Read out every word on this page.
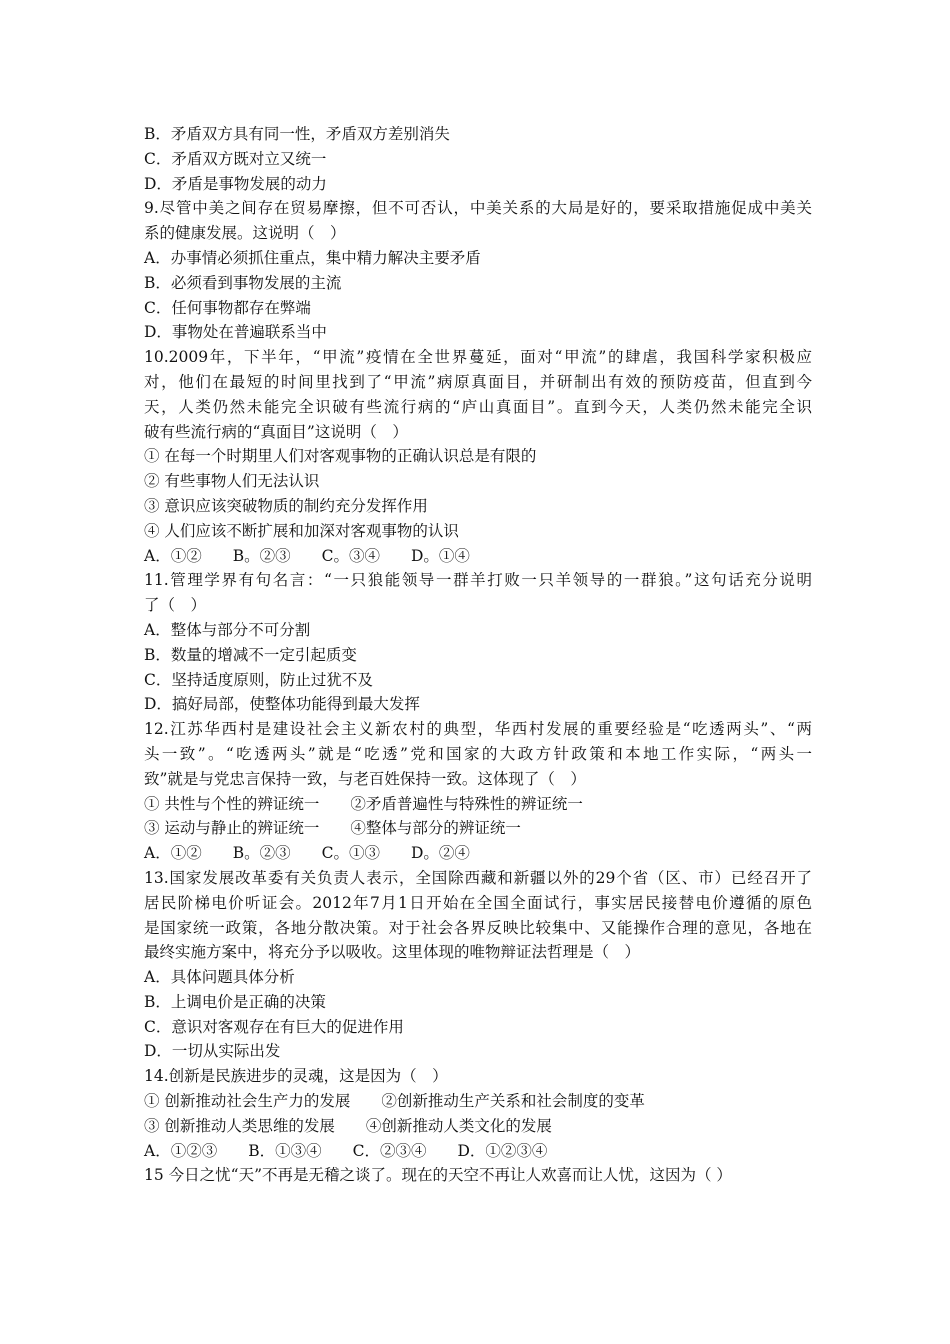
B．矛盾双方具有同一性，矛盾双方差别消失
C．矛盾双方既对立又统一
D．矛盾是事物发展的动力
9.尽管中美之间存在贸易摩擦，但不可否认，中美关系的大局是好的，要采取措施促成中美关
系的健康发展。这说明（　）
A．办事情必须抓住重点，集中精力解决主要矛盾
B．必须看到事物发展的主流
C．任何事物都存在弊端
D．事物处在普遍联系当中
10.2009年，下半年，“甲流”疫情在全世界蔓延，面对“甲流”的肆虐，我国科学家积极应
对，他们在最短的时间里找到了“甲流”病原真面目，并研制出有效的预防疫苗，但直到今
天，人类仍然未能完全识破有些流行病的“庐山真面目”。直到今天，人类仍然未能完全识
破有些流行病的“真面目”这说明（　）
① 在每一个时期里人们对客观事物的正确认识总是有限的
② 有些事物人们无法认识
③ 意识应该突破物质的制约充分发挥作用
④ 人们应该不断扩展和加深对客观事物的认识
A．①②　　B。②③　　C。③④　　D。①④
11.管理学界有句名言：“一只狼能领导一群羊打败一只羊领导的一群狼。”这句话充分说明
了（　）
A．整体与部分不可分割
B．数量的增减不一定引起质变
C．坚持适度原则，防止过犹不及
D．搞好局部，使整体功能得到最大发挥
12.江苏华西村是建设社会主义新农村的典型，华西村发展的重要经验是“吃透两头”、“两
头一致”。“吃透两头”就是“吃透”党和国家的大政方针政策和本地工作实际，“两头一
致”就是与党忠言保持一致，与老百姓保持一致。这体现了（　）
① 共性与个性的辨证统一　　②矛盾普遍性与特殊性的辨证统一
③ 运动与静止的辨证统一　　④整体与部分的辨证统一
A．①②　　B。②③　　C。①③　　D。②④
13.国家发展改革委有关负责人表示，全国除西藏和新疆以外的29个省（区、市）已经召开了
居民阶梯电价听证会。2012年7月1日开始在全国全面试行，事实居民接替电价遵循的原色
是国家统一政策，各地分散决策。对于社会各界反映比较集中、又能操作合理的意见，各地在
最终实施方案中，将充分予以吸收。这里体现的唯物辩证法哲理是（　）
A．具体问题具体分析
B．上调电价是正确的决策
C．意识对客观存在有巨大的促进作用
D．一切从实际出发
14.创新是民族进步的灵魂，这是因为（　）
① 创新推动社会生产力的发展　　②创新推动生产关系和社会制度的变革
③ 创新推动人类思维的发展　　④创新推动人类文化的发展
A．①②③　　B．①③④　　C．②③④　　D．①②③④
15 今日之忧“天”不再是无稽之谈了。现在的天空不再让人欢喜而让人忧，这因为（ ）
